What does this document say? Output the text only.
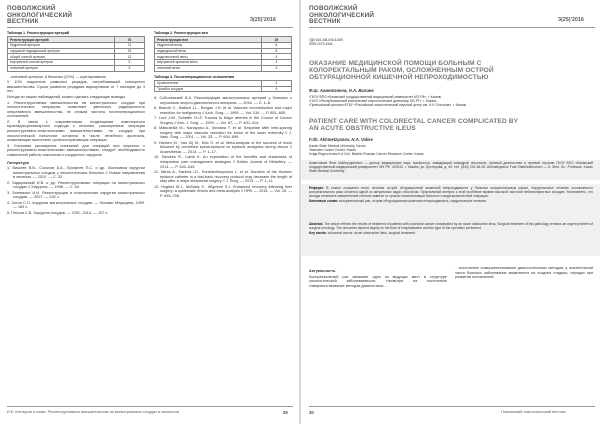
ПОВОЛЖСКИЙ
ОНКОЛОГИЧЕСКИЙ
ВЕСТНИК	3(25)'2016
Таблица 1. Реконструкция артерий
Реконструкция артерий	76
бедренной артерии	21
наружной подвздошной артерии	19
общей сонной артерии	12
внутренней сонной артерии	9
плечевой артерии	5

…плечевой артерии, 8 больных (22%) — шунтирование.

У 10% пациентов развился рецидив, потребовавший повторного вмешательства. Сроки развития рецидива варьировали от 7 месяцев до 3 лет.

Исходя из наших наблюдений, можно сделать следующие выводы:

1. Реконструктивные вмешательства на магистральных сосудах при онкологических операциях позволяют увеличить радикальность оперативного вмешательства, не снижая частоты послеоперационных осложнений.

2. В связи с современными тенденциями комплексного мультидисциплинарного подхода к лечению, расширенные операции реконструктивно-пластическими вмешательствами на сосудах при онкологической патологии остаются в числе лечебного арсенала, позволяющие выполнять органосохраняющие операции.

3. Учитывая расширение показаний для операций при опухолях с реконструктивно-пластическими вмешательствами, следует необходимость совместной работы онкологов и сосудистых хирургов.

Литература

1. Вишнев В.В., Соколов А.А., Ерофеев П.С. и др. Экономика хирургии магистральных сосудов у онкологических больных // Новые направления в лечении. — 2010. — С. 32.

2. Задорожный И.В. и др. Реконструктивные операции на магистральных сосудах // Хирургия. — 1998. — С. 64.

3. Затевахин И.И. Реконструкция и пластические хирургии магистральных сосудов. — 2007. — 232 с.

4. Зотов С.П. Хирургия магистральных сосудов. — Москва: Медицина, 1999. — 169 с.

5. Петров С.В. Хирургия сосудов. — СПб., 2014. — 107 с.

Таблица 2. Реконструкция вен
Реконструкция вен	25
бедренной вены	6
подвздошной вены	8
подключичной вены	4
внутренней яремной вены	4
плечевой вены	3
Таблица 3. Послеоперационные осложнения
Кровотечение	4
Тромбоз сосудов	5

5. Соболевский В.А. Реконструкция магистральных артерий у больных с опухолями опорно-двигательного аппарата. — 2016. — С. 1–8.

6. Bianchi C., Ballard J.L., Bergan J.H. et al. Vascular reconstruction and major resection for malignancy // Arch. Surg. — 1999. — Vol. 134. — P. 851–855.

7. Lord J.W., Schettin Ch.F. Trauma to Major arteries in the Course of Cancer Surgery // Ann. J. Surg. — 1999. — Vol. 87. — P. 400–414.

8. Matsushita M., Nanayasu A., Ikezawa T. et al. Sequelae after limb-sparing surgery with major vascular resection for tumor of the lower extremity // J. Vasc. Surg. — 2001. — Vol. 33. — P. 694–699.

9. Hansen M., Van Gij M., Kilic S. et al. Meta-analysis of the success of block followed by combined spinal-epidural vs epidural analgesia during labour // Anaesthesia. — 2014. — P. 1–17.

10. Sandres R., Lamb K. An exploration of the benefits and drawbacks of intrapartum pain management strategies // British Journal of Midwifery. — 2014. — P. 642–649.

11. Nitras A., Kanitas I.D., Konstantinopoulos L. et al. Duration of the thoracic epidural catheter in a fast-track recovery protocol may decrease the length of stay after a major abdominal surgery // J. Surg. — 2013. — P. 1–11.

12. Hughes M.J., McNally S., Wigmore S.J. Enhanced recovery following liver surgery: a systematic review and meta-analysis // HPB. — 2014. — Vol. 16. — P. 699–706.

И.Е. Котляров и соавт. Реконструктивные вмешательства на магистральных сосудах в онкологии	29
ПОВОЛЖСКИЙ
ОНКОЛОГИЧЕСКИЙ
ВЕСТНИК	3(25)'2016
УДК 616.348-006.6-089
ISSN 2073-4344
ОКАЗАНИЕ МЕДИЦИНСКОЙ ПОМОЩИ БОЛЬНЫМ С КОЛОРЕКТАЛЬНЫМ РАКОМ, ОСЛОЖНЕННЫМ ОСТРОЙ ОБТУРАЦИОННОЙ КИШЕЧНОЙ НЕПРОХОДИМОСТЬЮ
Ф.Ш. Ахметзянов, Н.А. Валиев
¹ГБОУ ВПО «Казанский государственный медицинский университет МЗ РФ», г. Казань
²ГАУЗ «Республиканский клинический онкологический диспансер МЗ РТ», г. Казань
³Приволжский филиал ФГБУ «Российский онкологический научный центр им. Н.Н. Блохина», г. Казань
PATIENT CARE WITH COLORECTAL CANCER COMPLICATED BY AN ACUTE OBSTRUCTIVE ILEUS
F.Sh. Akhmetzyanov, N.A. Valiev
Kazan State Medical University, Kazan
Tatarstan Cancer Center, Kazan
Volga Region branch of N.N. Blokhin Russian Cancer Research Center, Kazan
Ахметзянов Фоат Шайхутдинович — доктор медицинских наук, профессор, заведующий кафедрой онкологии, лучевой диагностики и лучевой терапии ГБОУ ВПО «Казанский государственный медицинский университет» МЗ РФ. 420012, г. Казань, ул. Бутлерова, д. 49, тел. (843) 202-36-05. Akhmetzyanov Foat Shaikhutdinovich — D. Med. Sc., Professor, Kazan State Medical University.
Реферат. В статье отражены итоги лечения острой обтурационной кишечной непроходимости у больных колоректальным раком. Хирургическое лечение осложненного колоректального рака остается одной из актуальных задач онкологии. Пристальный интерес к этой проблеме вызван высокой частотой неблагоприятных исходов. Установлено, что исходы лечения в значительной степени зависят от сроков госпитализации больного и вида выполненной операции.
Ключевые слова: колоректальный рак, острая обтурационная кишечная непроходимость, хирургическое лечение.
Abstract. The article reflects the results of treatment of patients with colorectal cancer complicated by an acute obstructive ileus. Surgical treatment of this pathology remains an urgent problem of surgical oncology. The outcomes depend largely on the time of hospitalisation and the type of the operation performed.
Key words: colorectal cancer, acute obstructive ileus, surgical treatment.
Актуальность.

Колоректальный рак занимает одно из ведущих мест в структуре онкологической заболеваемости. Несмотря на постоянное совершенствование методов диагностики…

…постоянное совершенствование диагностических методов, у значительной части больных заболевание выявляется на поздних стадиях, нередко при развитии осложнений.

30	Поволжский онкологический вестник
